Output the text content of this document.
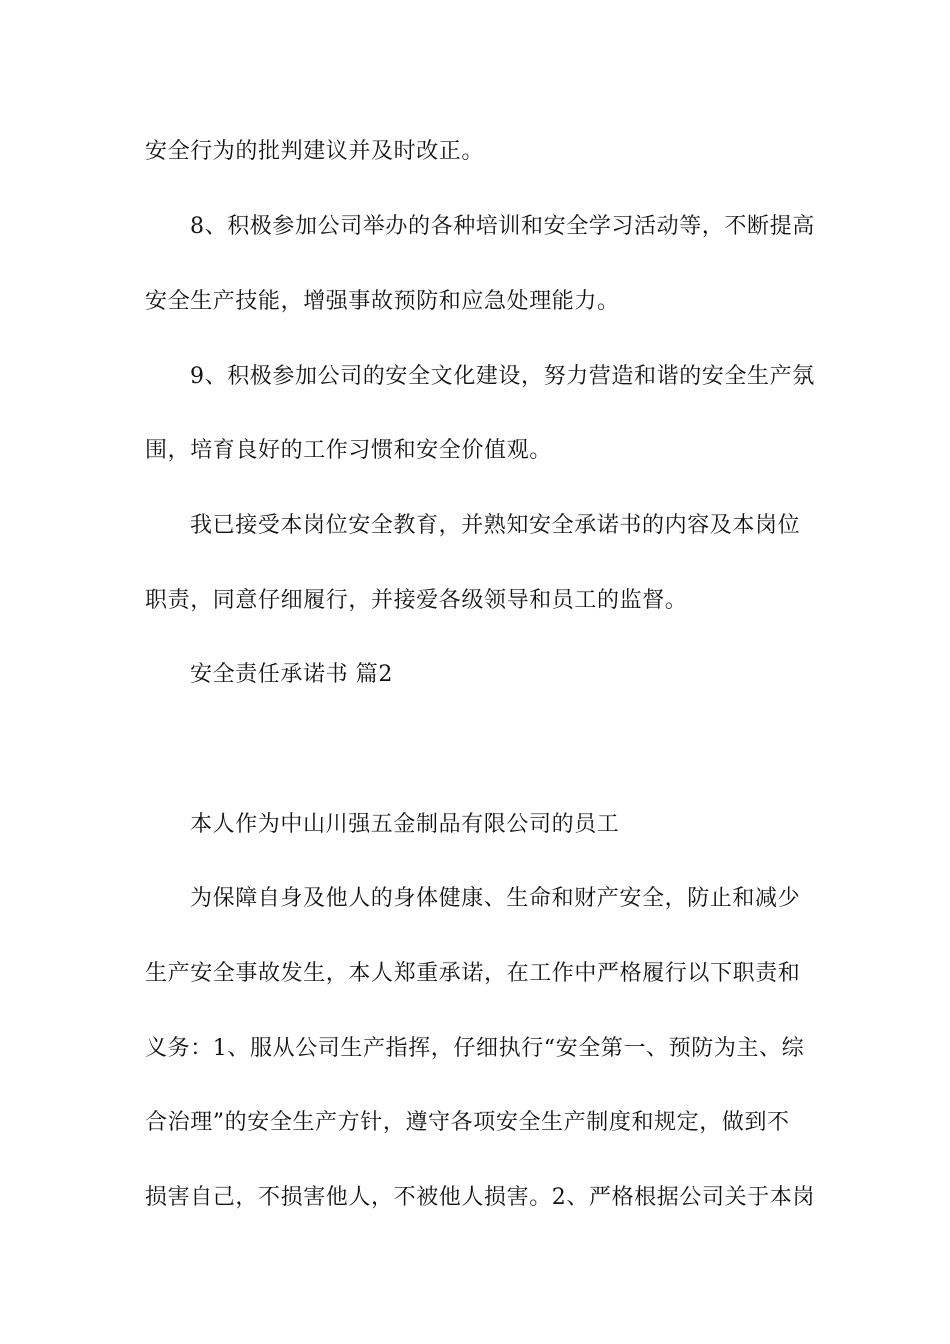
安全行为的批判建议并及时改正。
8、积极参加公司举办的各种培训和安全学习活动等，不断提高
安全生产技能，增强事故预防和应急处理能力。
9、积极参加公司的安全文化建设，努力营造和谐的安全生产氛
围，培育良好的工作习惯和安全价值观。
我已接受本岗位安全教育，并熟知安全承诺书的内容及本岗位
职责，同意仔细履行，并接爱各级领导和员工的监督。
安全责任承诺书 篇2
本人作为中山川强五金制品有限公司的员工
为保障自身及他人的身体健康、生命和财产安全，防止和减少
生产安全事故发生，本人郑重承诺，在工作中严格履行以下职责和
义务：1、服从公司生产指挥，仔细执行“安全第一、预防为主、综
合治理”的安全生产方针，遵守各项安全生产制度和规定，做到不
损害自己，不损害他人，不被他人损害。2、严格根据公司关于本岗
